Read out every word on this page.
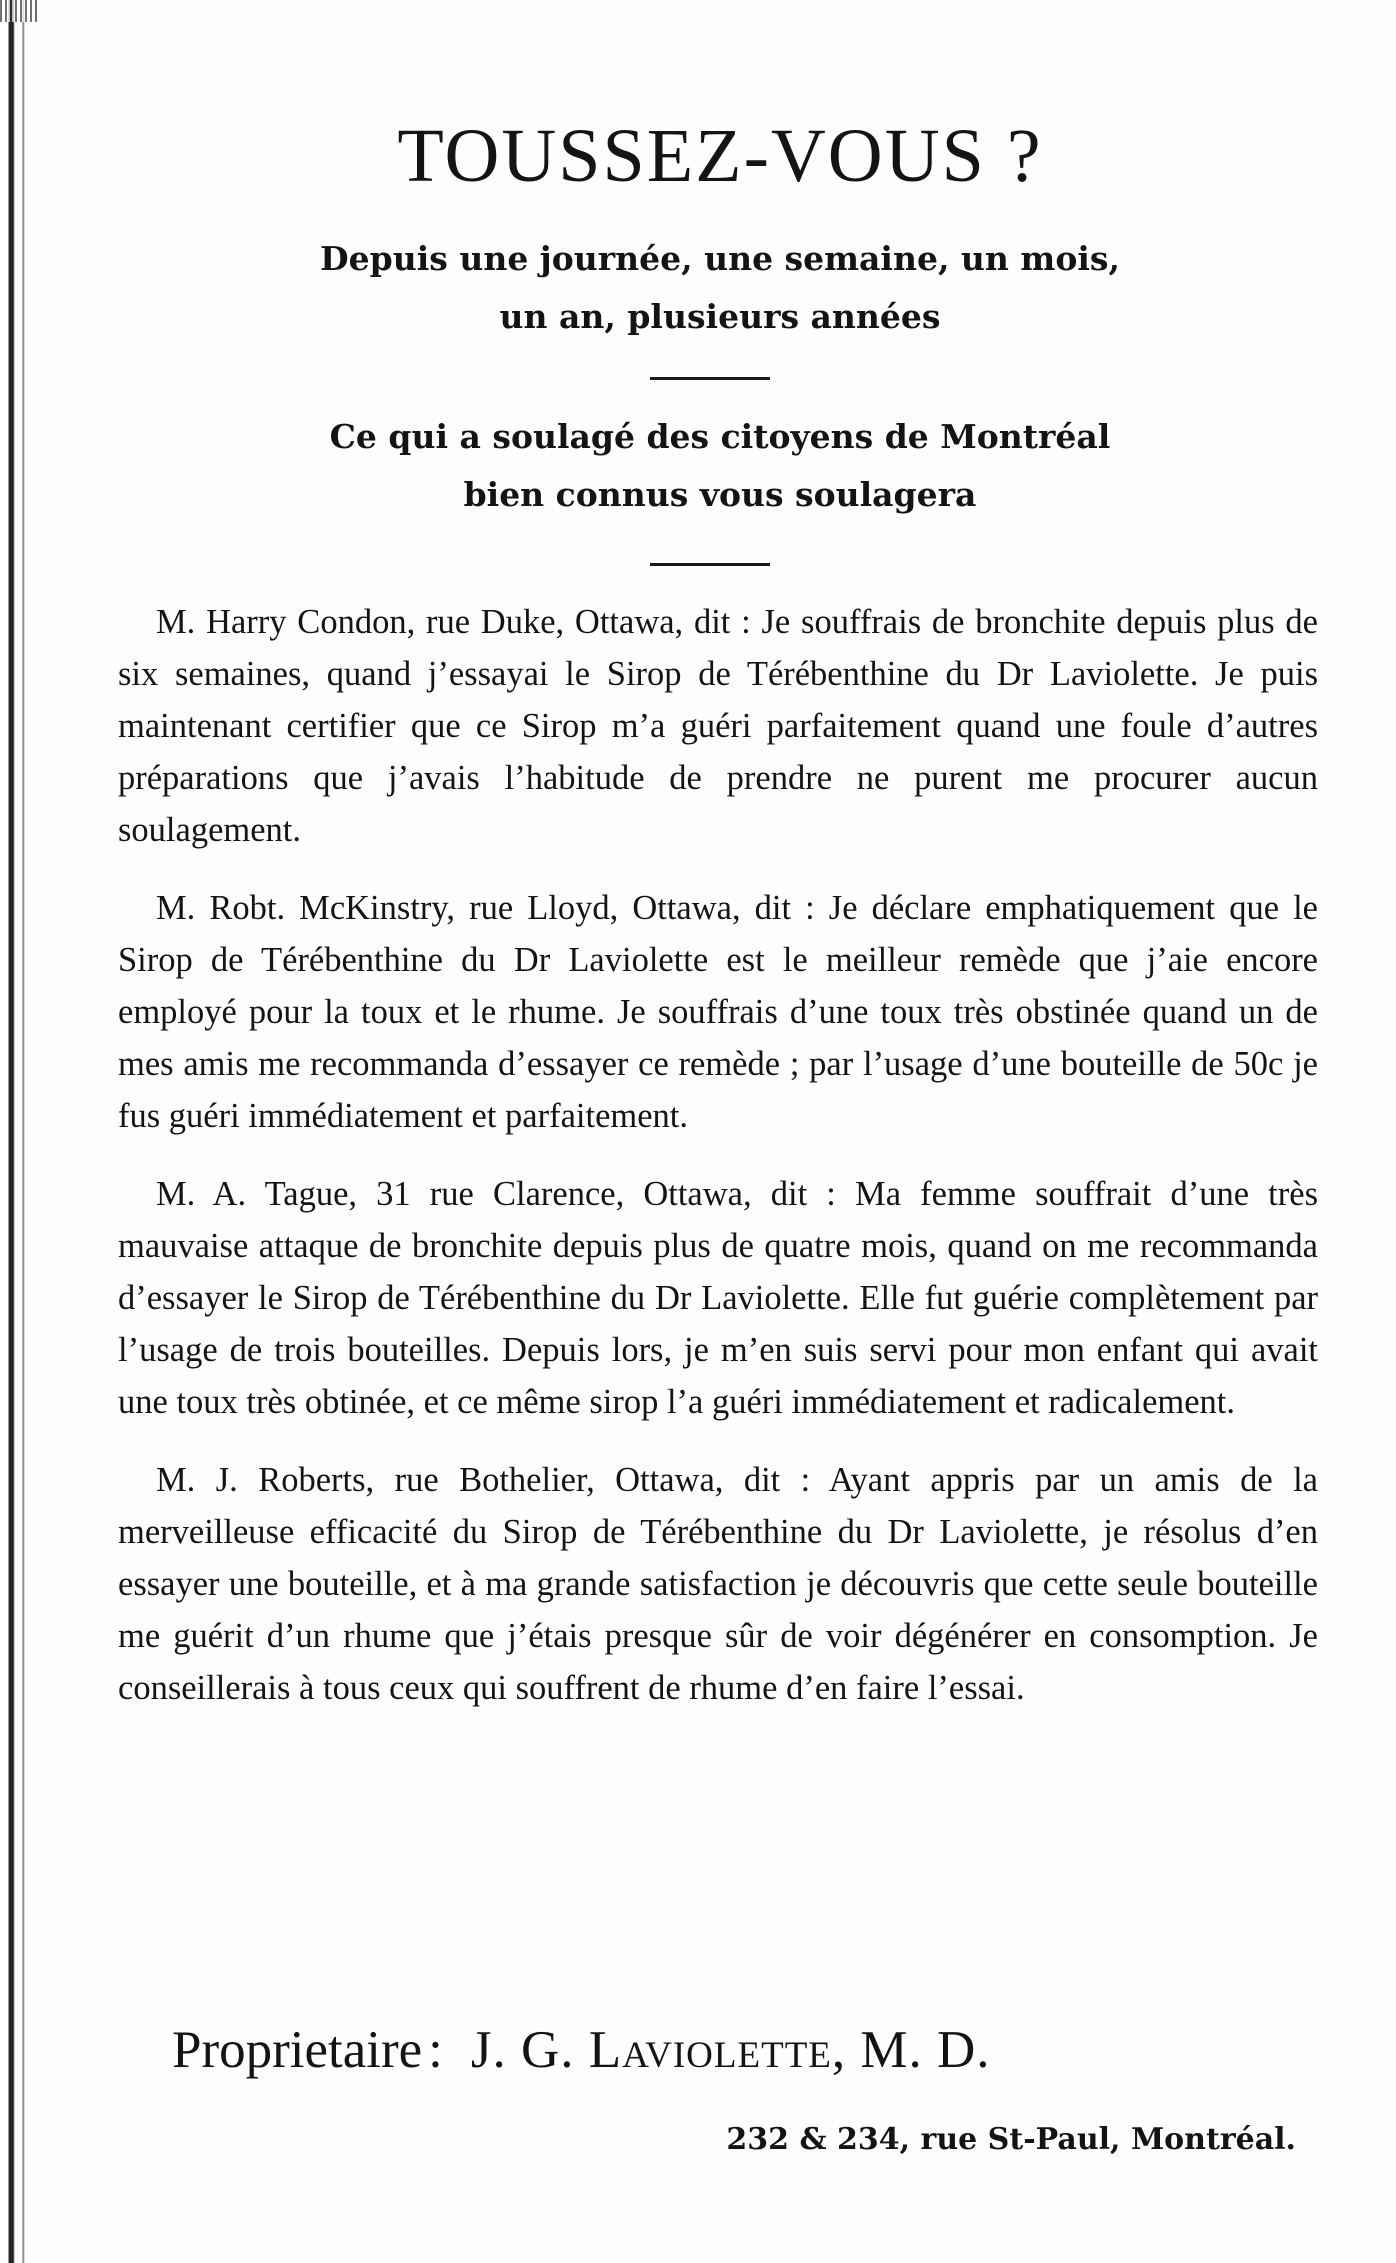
TOUSSEZ-VOUS ?
Depuis une journée, une semaine, un mois,
un an, plusieurs années
Ce qui a soulagé des citoyens de Montréal
bien connus vous soulagera

M. Harry Condon, rue Duke, Ottawa, dit : Je souffrais de bronchite depuis plus de six semaines, quand j’essayai le Sirop de Térébenthine du Dr Laviolette. Je puis maintenant certifier que ce Sirop m’a guéri parfaitement quand une foule d’autres préparations que j’avais l’habitude de prendre ne purent me procurer aucun soulagement.

M. Robt. McKinstry, rue Lloyd, Ottawa, dit : Je déclare emphatiquement que le Sirop de Térébenthine du Dr Laviolette est le meilleur remède que j’aie encore employé pour la toux et le rhume. Je souffrais d’une toux très obstinée quand un de mes amis me recommanda d’essayer ce remède ; par l’usage d’une bouteille de 50c je fus guéri immédiatement et parfaitement.

M. A. Tague, 31 rue Clarence, Ottawa, dit : Ma femme souffrait d’une très mauvaise attaque de bronchite depuis plus de quatre mois, quand on me recommanda d’essayer le Sirop de Térébenthine du Dr Laviolette. Elle fut guérie complètement par l’usage de trois bouteilles. Depuis lors, je m’en suis servi pour mon enfant qui avait une toux très obtinée, et ce même sirop l’a guéri immédiatement et radicalement.

M. J. Roberts, rue Bothelier, Ottawa, dit : Ayant appris par un amis de la merveilleuse efficacité du Sirop de Térébenthine du Dr Laviolette, je résolus d’en essayer une bouteille, et à ma grande satisfaction je découvris que cette seule bouteille me guérit d’un rhume que j’étais presque sûr de voir dégénérer en consomption. Je conseillerais à tous ceux qui souffrent de rhume d’en faire l’essai.

Proprietaire : J. G. Laviolette, M. D.
232 & 234, rue St-Paul, Montréal.
